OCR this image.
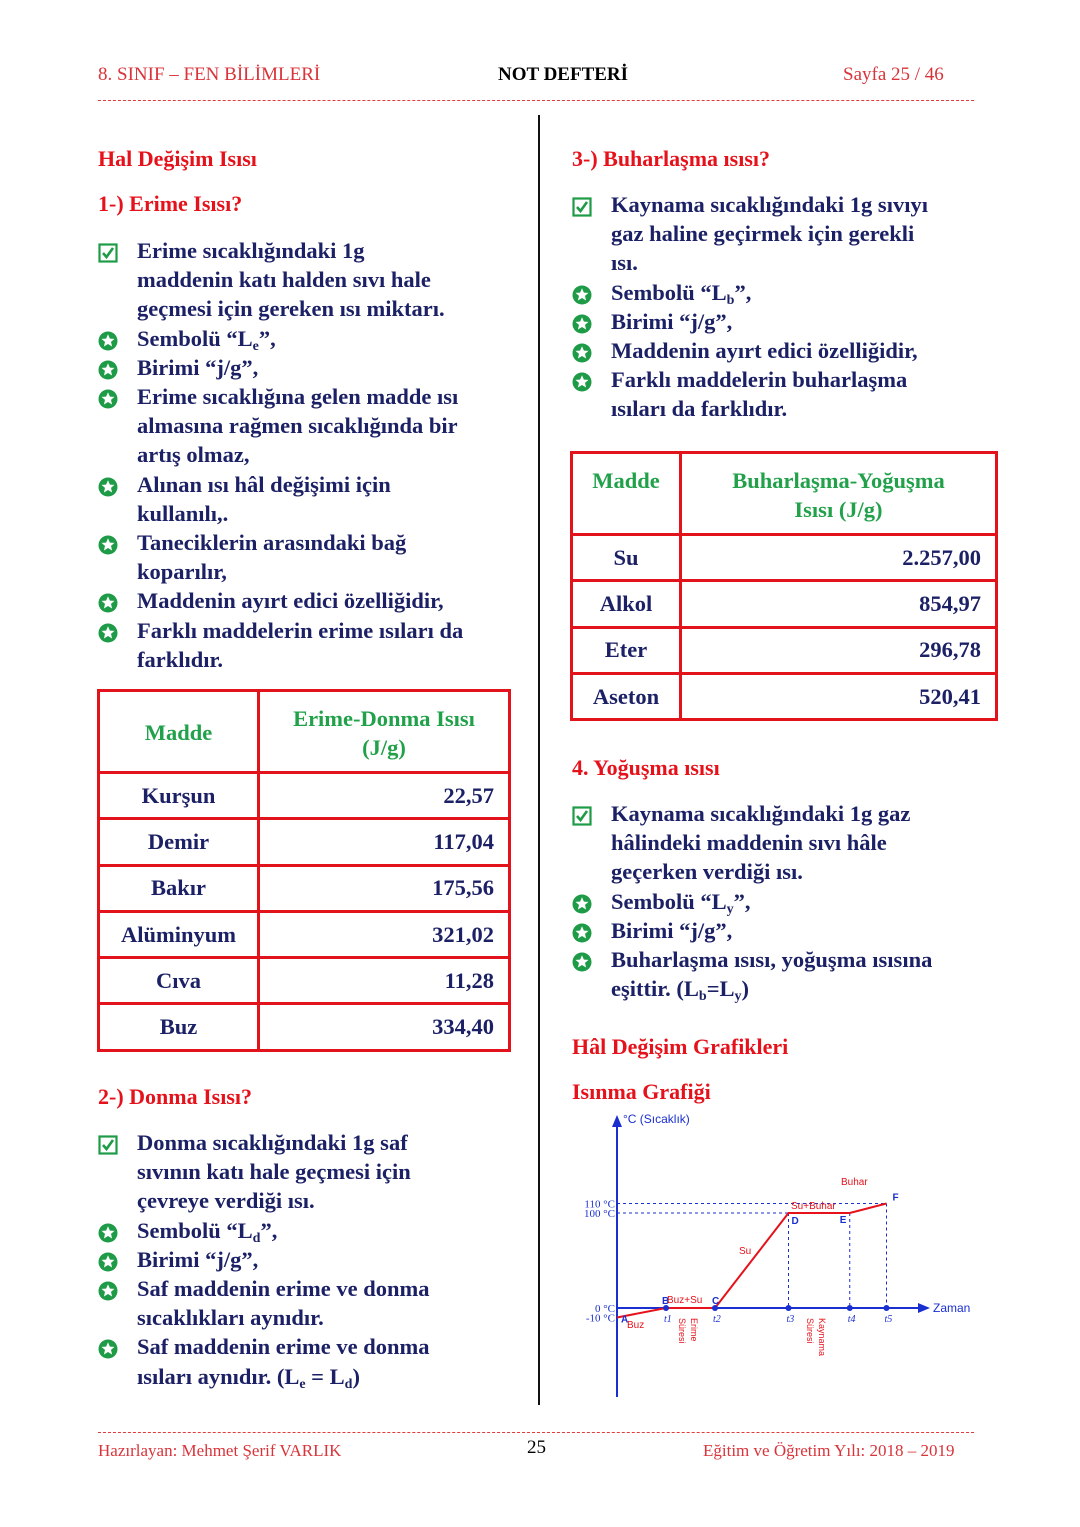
8. SINIF – FEN BİLİMLERİ	NOT DEFTERİ	Sayfa 25 / 46
Hal Değişim Isısı
1-) Erime Isısı?
Erime sıcaklığındaki 1g
maddenin katı halden sıvı hale
geçmesi için gereken ısı miktarı.
Sembolü “$L_e$”,
Birimi “j/g”,
Erime sıcaklığına gelen madde ısı
almasına rağmen sıcaklığında bir
artış olmaz,
Alınan ısı hâl değişimi için
kullanılı,.
Taneciklerin arasındaki bağ
koparılır,
Maddenin ayırt edici özelliğidir,
Farklı maddelerin erime ısıları da
farklıdır.
Madde	Erime-Donma Isısı (J/g)
Kurşun	22,57
Demir	117,04
Bakır	175,56
Alüminyum	321,02
Cıva	11,28
Buz	334,40
2-) Donma Isısı?
Donma sıcaklığındaki 1g saf
sıvının katı hale geçmesi için
çevreye verdiği ısı.
Sembolü “$L_d$”,
Birimi “j/g”,
Saf maddenin erime ve donma
sıcaklıkları aynıdır.
Saf maddenin erime ve donma
ısıları aynıdır. $(L_e = L_d)$
3-) Buharlaşma ısısı?
Kaynama sıcaklığındaki 1g sıvıyı
gaz haline geçirmek için gerekli
ısı.
Sembolü “$L_b$”,
Birimi “j/g”,
Maddenin ayırt edici özelliğidir,
Farklı maddelerin buharlaşma
ısıları da farklıdır.
Madde	Buharlaşma-Yoğuşma Isısı (J/g)
Su	2.257,00
Alkol	854,97
Eter	296,78
Aseton	520,41
4. Yoğuşma ısısı
Kaynama sıcaklığındaki 1g gaz
hâlindeki maddenin sıvı hâle
geçerken verdiği ısı.
Sembolü “$L_y$”,
Birimi “j/g”,
Buharlaşma ısısı, yoğuşma ısısına
eşittir. $(L_b=L_y)$
Hâl Değişim Grafikleri
Isınma Grafiği
°C (Sıcaklık)
Zaman
110 °C
100 °C
0 °C
-10 °C	t1	t2	t3	t4	t5
A
B	C
D	E
F
Buz
Buz+Su
Su
Su+Buhar
Buhar
Erime
Süresi	Kaynama
Süresi
Hazırlayan: Mehmet Şerif VARLIK	25	Eğitim ve Öğretim Yılı: 2018 – 2019
